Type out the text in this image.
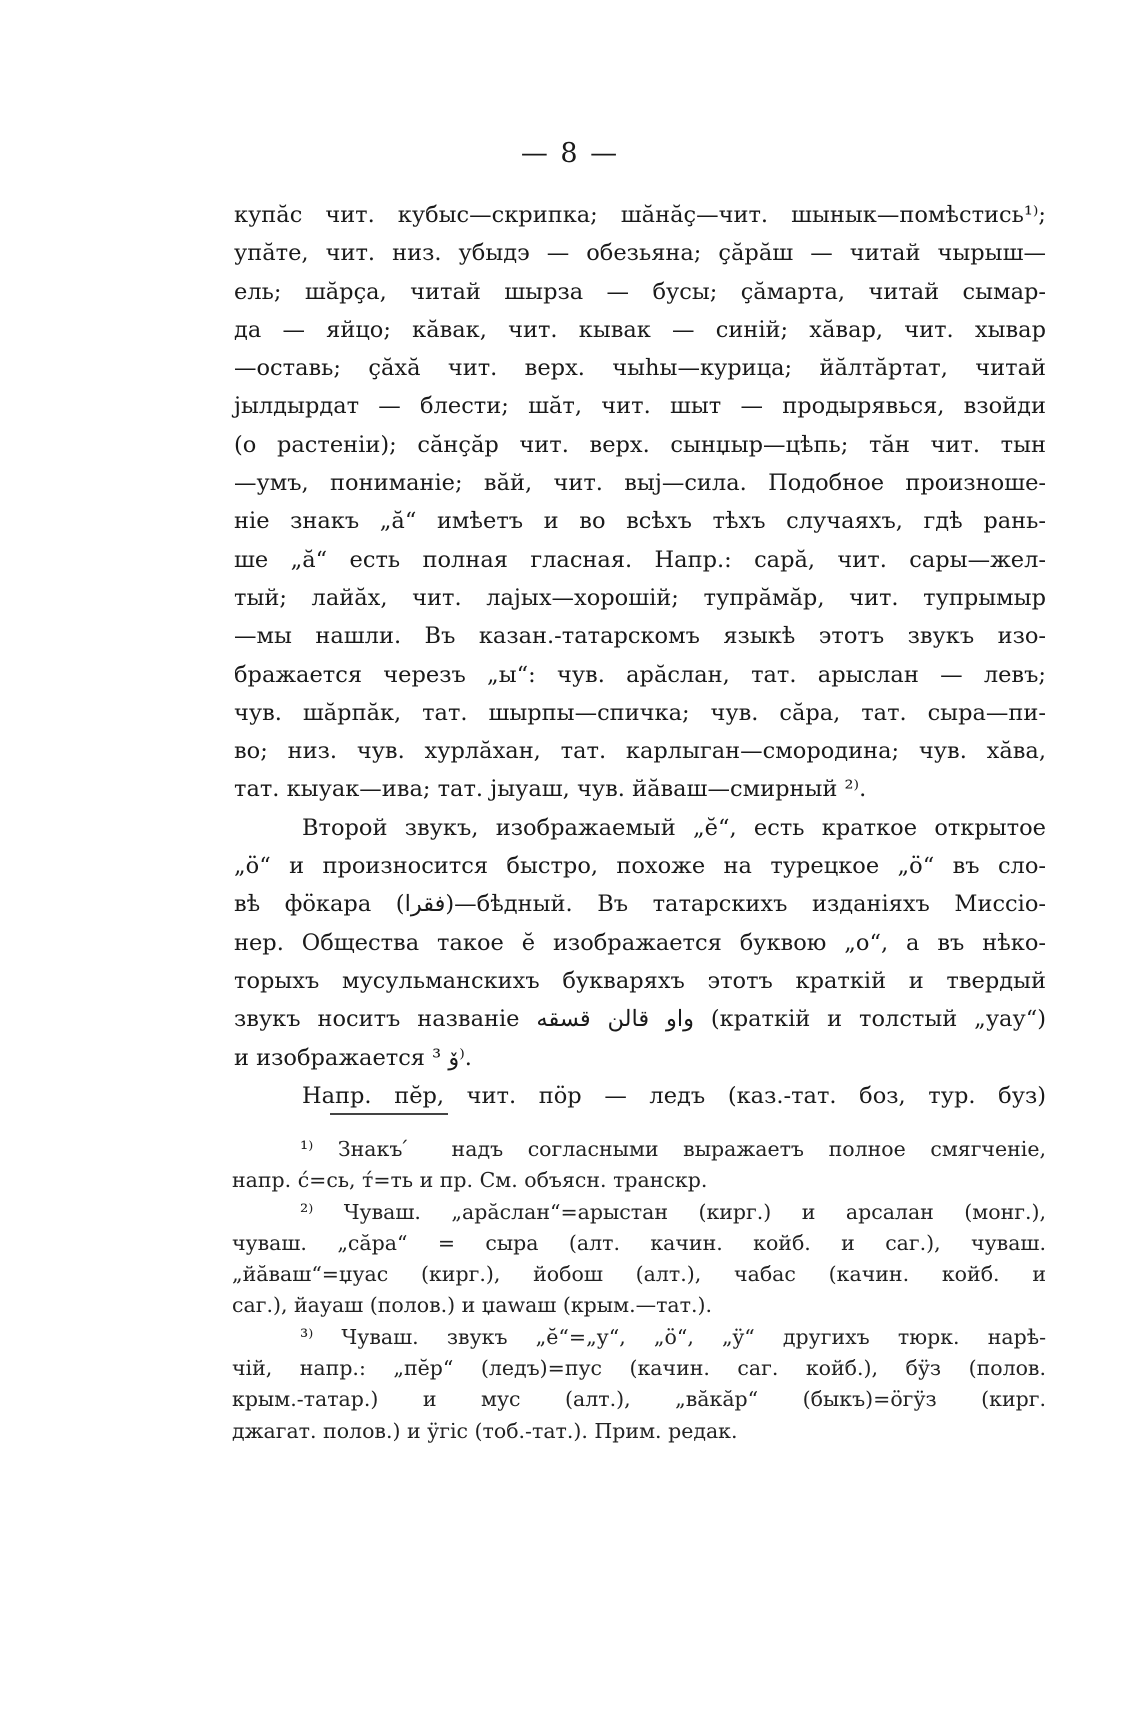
— 8 —
купӑс чит. кубыс—скрипка; шӑнӑҫ—чит. шынык—помѣстись¹⁾;
упӑте, чит. низ. убыдэ — обезьяна; ҫӑрӑш — читай чырыш—
ель; шӑрҫа, читай шырза — бусы; ҫӑмарта, читай сымар-
да — яйцо; кӑвак, чит. кывак — синій; хӑвар, чит. хывар
—оставь; ҫӑхӑ чит. верх. чыhы—курица; йӑлтӑртат, читай
jылдырдат — блести; шӑт, чит. шыт — продырявься, взойди
(о растеніи); сӑнҫӑр чит. верх. сынџыр—цѣпь; тӑн чит. тын
—умъ, пониманіе; вӑй, чит. выј—сила. Подобное произноше-
ніе знакъ „ӑ“ имѣетъ и во всѣхъ тѣхъ случаяхъ, гдѣ рань-
ше „ӑ“ есть полная гласная. Напр.: сарӑ, чит. сары—жел-
тый; лайӑх, чит. лајых—хорошій; тупрӑмӑр, чит. тупрымыр
—мы нашли. Въ казан.-татарскомъ языкѣ этотъ звукъ изо-
бражается черезъ „ы“: чув. арӑслан, тат. арыслан — левъ;
чув. шӑрпӑк, тат. шырпы—спичка; чув. сӑра, тат. сыра—пи-
во; низ. чув. хурлӑхан, тат. карлыган—смородина; чув. хӑва,
тат. кыуак—ива; тат. јыуаш, чув. йӑваш—смирный ²⁾.
Второй звукъ, изображаемый „ӗ“, есть краткое открытое
„ö“ и произносится быстро, похоже на турецкое „ö“ въ сло-
вѣ фӧкара (فقرا)—бѣдный. Въ татарскихъ изданіяхъ Миссіо-
нер. Общества такое ӗ изображается буквою „о“, а въ нѣко-
торыхъ мусульманскихъ букваряхъ этотъ краткій и твердый
звукъ носитъ названіе واو قالن قسقه (краткій и толстый „уау“)
и изображается وٚ ³⁾.
Напр. пӗр, чит. пӧр — ледъ (каз.-тат. боз, тур. буз)
¹⁾ Знакъ ́ надъ согласными выражаетъ полное смягченіе,
напр. с́=сь, т́=ть и пр. См. объясн. транскр.
²⁾ Чуваш. „арӑслан“=арыстан (кирг.) и арсалан (монг.),
чуваш. „сӑра“ = сыра (алт. качин. койб. и саг.), чуваш.
„йӑваш“=џуас (кирг.), йобош (алт.), чабас (качин. койб. и
саг.), йауаш (полов.) и џаwаш (крым.—тат.).
³⁾ Чуваш. звукъ „ӗ“=„у“, „ö“, „ÿ“ другихъ тюрк. нарѣ-
чій, напр.: „пӗр“ (ледъ)=пус (качин. саг. койб.), бӱз (полов.
крым.-татар.) и мус (алт.), „вӑкӑр“ (быкъ)=öгӱз (кирг.
джагат. полов.) и ӱгіс (тоб.-тат.). Прим. редак.
